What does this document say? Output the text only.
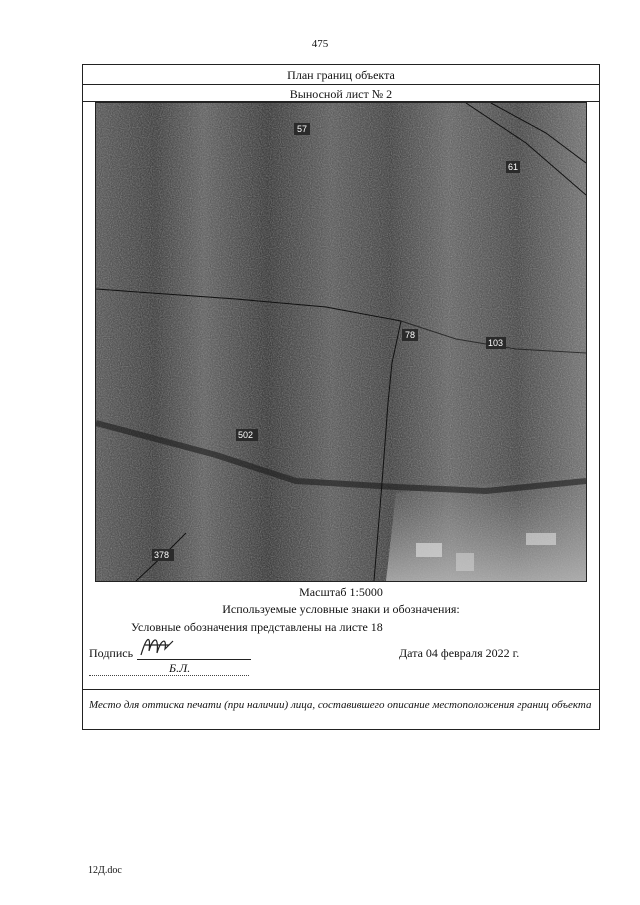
475
План границ объекта
Выносной лист № 2
57
61
78
103
502
378
Масштаб 1:5000
Используемые условные знаки и обозначения:
Условные обозначения представлены на листе 18
Подпись
Б.Л.
Дата 04 февраля 2022 г.
Место для оттиска печати (при наличии) лица, составившего описание местоположения границ объекта
12Д.doc
